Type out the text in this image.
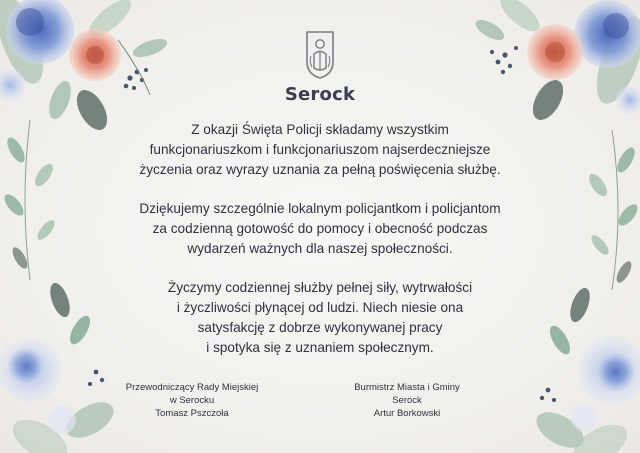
Serock

Z okazji Święta Policji składamy wszystkim
funkcjonariuszkom i funkcjonariuszom najserdeczniejsze
życzenia oraz wyrazy uznania za pełną poświęcenia służbę.

Dziękujemy szczególnie lokalnym policjantkom i policjantom
za codzienną gotowość do pomocy i obecność podczas
wydarzeń ważnych dla naszej społeczności.

Życzymy codziennej służby pełnej siły, wytrwałości
i życzliwości płynącej od ludzi. Niech niesie ona
satysfakcję z dobrze wykonywanej pracy
i spotyka się z uznaniem społecznym.

Przewodniczący Rady Miejskiej
w Serocku
Tomasz Pszczoła
Burmistrz Miasta i Gminy
Serock
Artur Borkowski
